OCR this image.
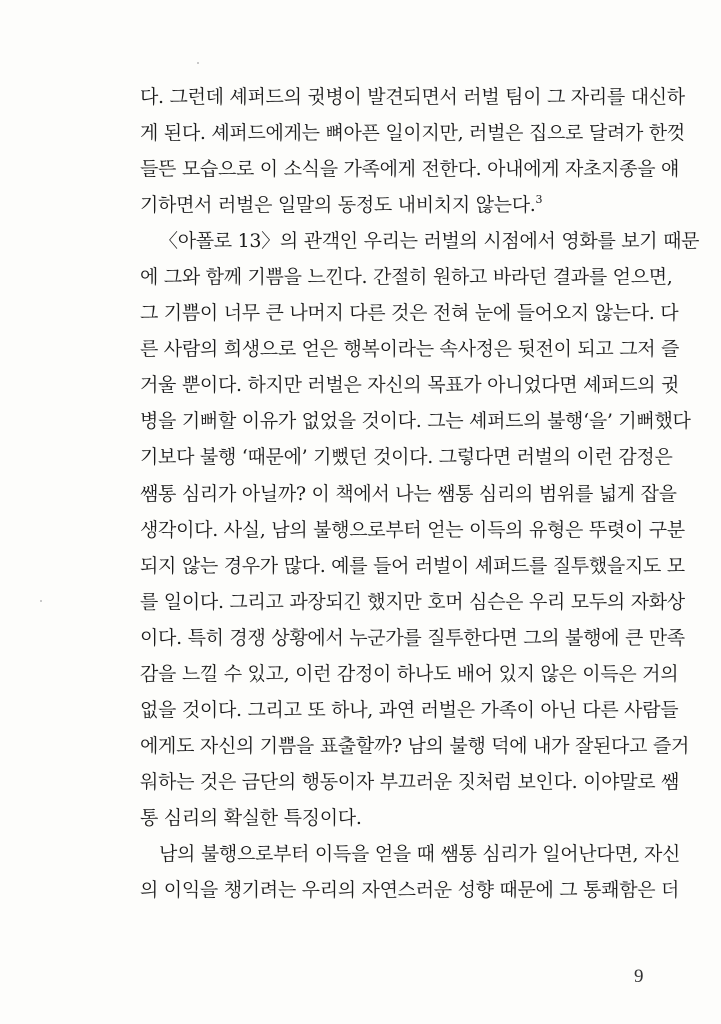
다. 그런데 셰퍼드의 귓병이 발견되면서 러벌 팀이 그 자리를 대신하
게 된다. 셰퍼드에게는 뼈아픈 일이지만, 러벌은 집으로 달려가 한껏
들뜬 모습으로 이 소식을 가족에게 전한다. 아내에게 자초지종을 얘
기하면서 러벌은 일말의 동정도 내비치지 않는다.$^3$
〈아폴로 13〉의 관객인 우리는 러벌의 시점에서 영화를 보기 때문
에 그와 함께 기쁨을 느낀다. 간절히 원하고 바라던 결과를 얻으면,
그 기쁨이 너무 큰 나머지 다른 것은 전혀 눈에 들어오지 않는다. 다
른 사람의 희생으로 얻은 행복이라는 속사정은 뒷전이 되고 그저 즐
거울 뿐이다. 하지만 러벌은 자신의 목표가 아니었다면 셰퍼드의 귓
병을 기뻐할 이유가 없었을 것이다. 그는 셰퍼드의 불행‘을’ 기뻐했다
기보다 불행 ‘때문에’ 기뻤던 것이다. 그렇다면 러벌의 이런 감정은
쌤통 심리가 아닐까? 이 책에서 나는 쌤통 심리의 범위를 넓게 잡을
생각이다. 사실, 남의 불행으로부터 얻는 이득의 유형은 뚜렷이 구분
되지 않는 경우가 많다. 예를 들어 러벌이 셰퍼드를 질투했을지도 모
를 일이다. 그리고 과장되긴 했지만 호머 심슨은 우리 모두의 자화상
이다. 특히 경쟁 상황에서 누군가를 질투한다면 그의 불행에 큰 만족
감을 느낄 수 있고, 이런 감정이 하나도 배어 있지 않은 이득은 거의
없을 것이다. 그리고 또 하나, 과연 러벌은 가족이 아닌 다른 사람들
에게도 자신의 기쁨을 표출할까? 남의 불행 덕에 내가 잘된다고 즐거
워하는 것은 금단의 행동이자 부끄러운 짓처럼 보인다. 이야말로 쌤
통 심리의 확실한 특징이다.
남의 불행으로부터 이득을 얻을 때 쌤통 심리가 일어난다면, 자신
의 이익을 챙기려는 우리의 자연스러운 성향 때문에 그 통쾌함은 더
9
